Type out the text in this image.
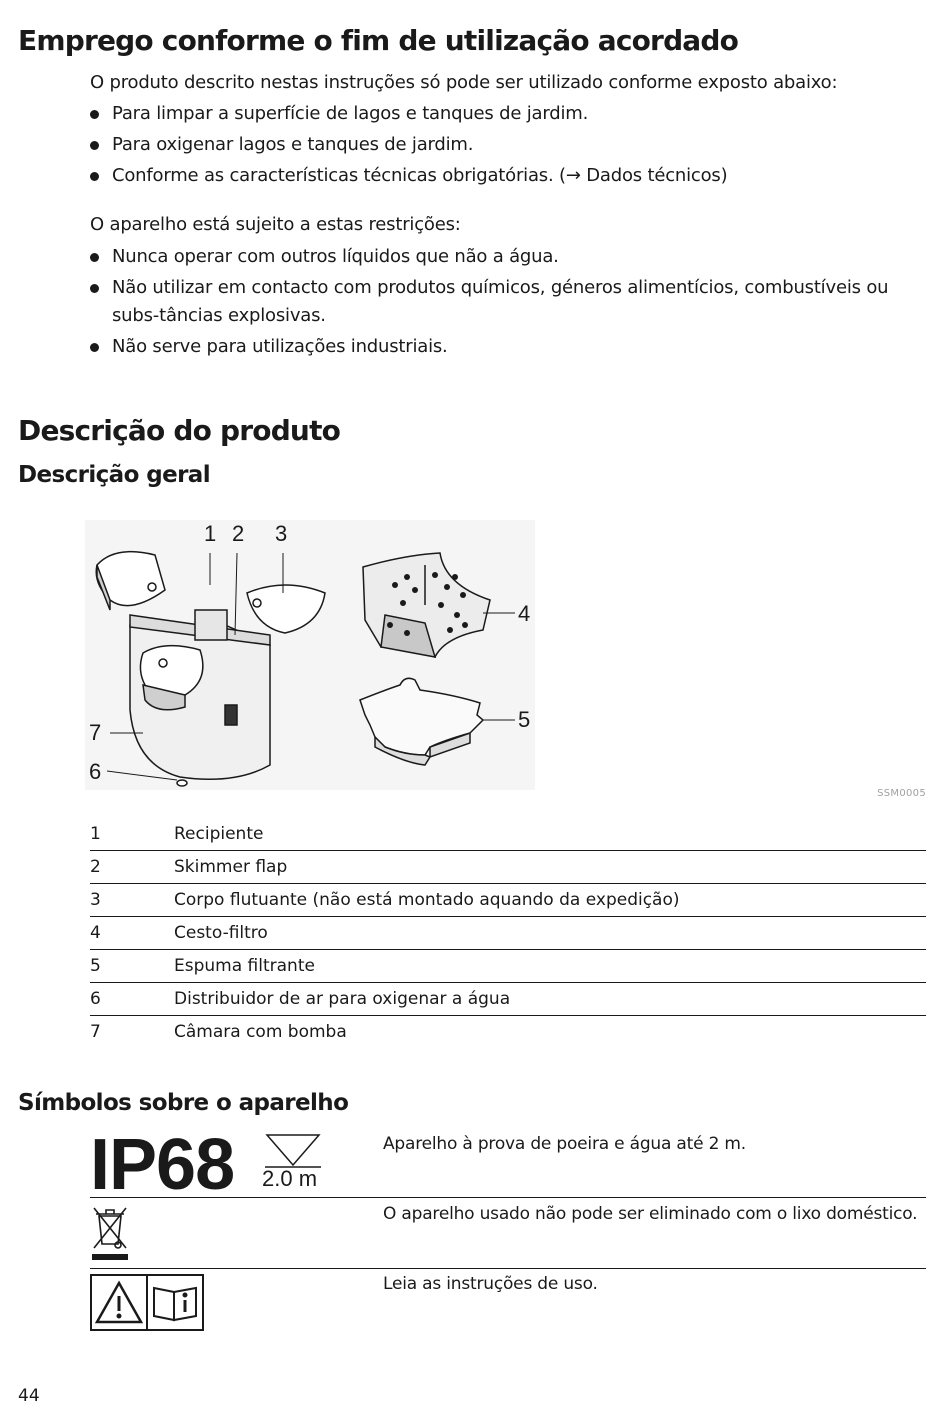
Emprego conforme o fim de utilização acordado

O produto descrito nestas instruções só pode ser utilizado conforme exposto abaixo:

Para limpar a superfície de lagos e tanques de jardim.
Para oxigenar lagos e tanques de jardim.
Conforme as características técnicas obrigatórias. (→ Dados técnicos)

O aparelho está sujeito a estas restrições:

Nunca operar com outros líquidos que não a água.
Não utilizar em contacto com produtos químicos, géneros alimentícios, combustíveis ou subs-tâncias explosivas.
Não serve para utilizações industriais.
Descrição do produto
Descrição geral
1 2 3
4
5
6
7
SSM0005
1	Recipiente
2	Skimmer flap
3	Corpo flutuante (não está montado aquando da expedição)
4	Cesto-filtro
5	Espuma filtrante
6	Distribuidor de ar para oxigenar a água
7	Câmara com bomba
Símbolos sobre o aparelho
IP68 2.0 m
Aparelho à prova de poeira e água até 2 m.
O aparelho usado não pode ser eliminado com o lixo doméstico.
Leia as instruções de uso.
44
